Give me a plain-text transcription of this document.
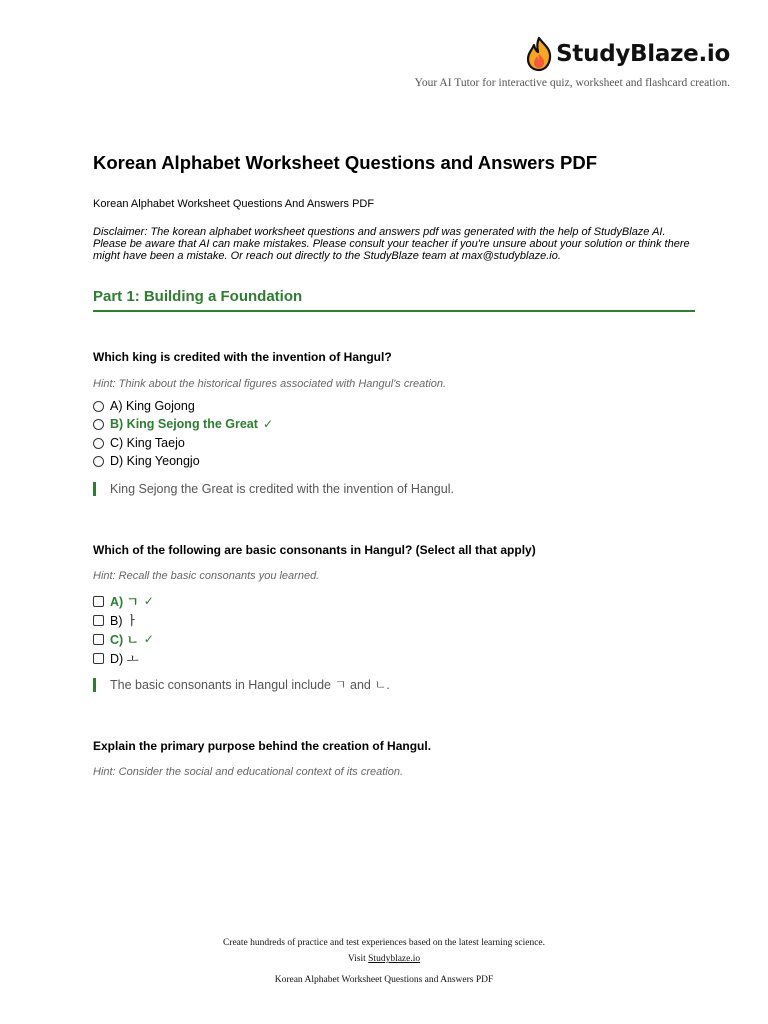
StudyBlaze.io
Your AI Tutor for interactive quiz, worksheet and flashcard creation.
Korean Alphabet Worksheet Questions and Answers PDF
Korean Alphabet Worksheet Questions And Answers PDF
Disclaimer: The korean alphabet worksheet questions and answers pdf was generated with the help of StudyBlaze AI. Please be aware that AI can make mistakes. Please consult your teacher if you're unsure about your solution or think there might have been a mistake. Or reach out directly to the StudyBlaze team at max@studyblaze.io.
Part 1: Building a Foundation
Which king is credited with the invention of Hangul?
Hint: Think about the historical figures associated with Hangul's creation.
A) King Gojong
B) King Sejong the Great ✓
C) King Taejo
D) King Yeongjo
King Sejong the Great is credited with the invention of Hangul.
Which of the following are basic consonants in Hangul? (Select all that apply)
Hint: Recall the basic consonants you learned.
A) ㄱ ✓
B) ㅏ
C) ㄴ ✓
D) ㅗ
The basic consonants in Hangul include ㄱ and ㄴ.
Explain the primary purpose behind the creation of Hangul.
Hint: Consider the social and educational context of its creation.
Create hundreds of practice and test experiences based on the latest learning science.
Visit Studyblaze.io
Korean Alphabet Worksheet Questions and Answers PDF
